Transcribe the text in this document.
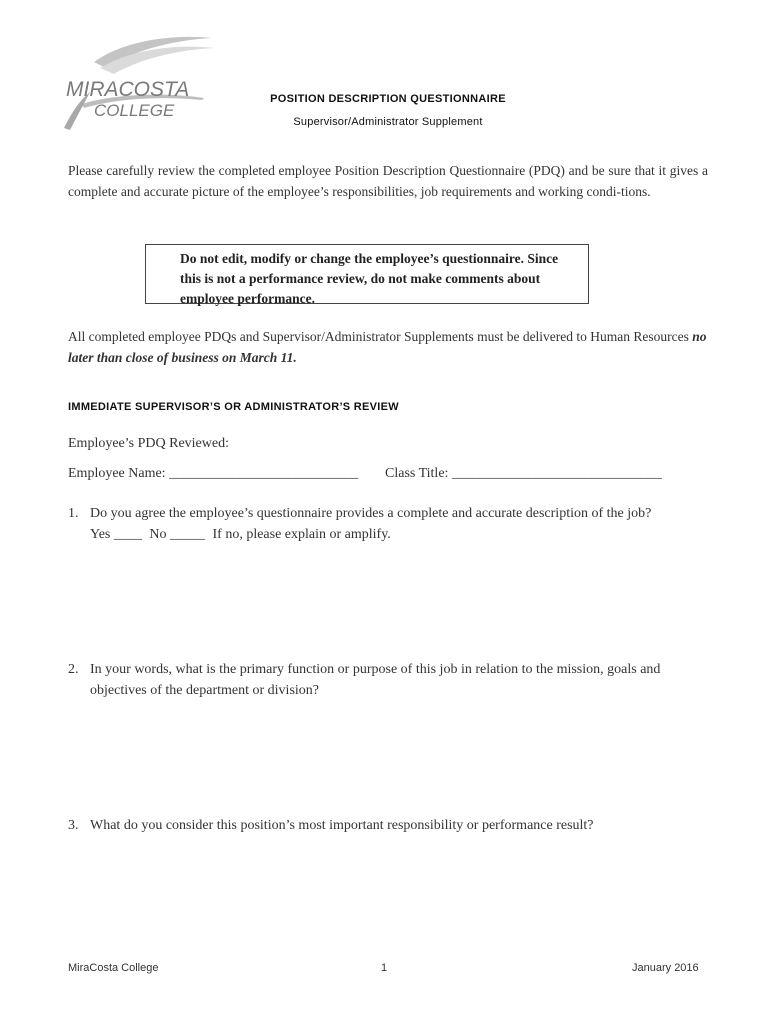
MIRACOSTA
COLLEGE
POSITION DESCRIPTION QUESTIONNAIRE
Supervisor/Administrator Supplement
Please carefully review the completed employee Position Description Questionnaire (PDQ) and be sure that it gives a complete and accurate picture of the employee’s responsibilities, job requirements and working condi-tions.
Do not edit, modify or change the employee’s questionnaire. Since this is not a performance review, do not make comments about employee performance.
All completed employee PDQs and Supervisor/Administrator Supplements must be delivered to Human Resources no later than close of business on March 11.
IMMEDIATE SUPERVISOR’S OR ADMINISTRATOR’S REVIEW
Employee’s PDQ Reviewed:
Employee Name: ___________________________ Class Title: ______________________________
1. Do you agree the employee’s questionnaire provides a complete and accurate description of the job?
Yes ____ No _____ If no, please explain or amplify.
2. In your words, what is the primary function or purpose of this job in relation to the mission, goals and objectives of the department or division?
3. What do you consider this position’s most important responsibility or performance result?
MiraCosta College	1	January 2016
